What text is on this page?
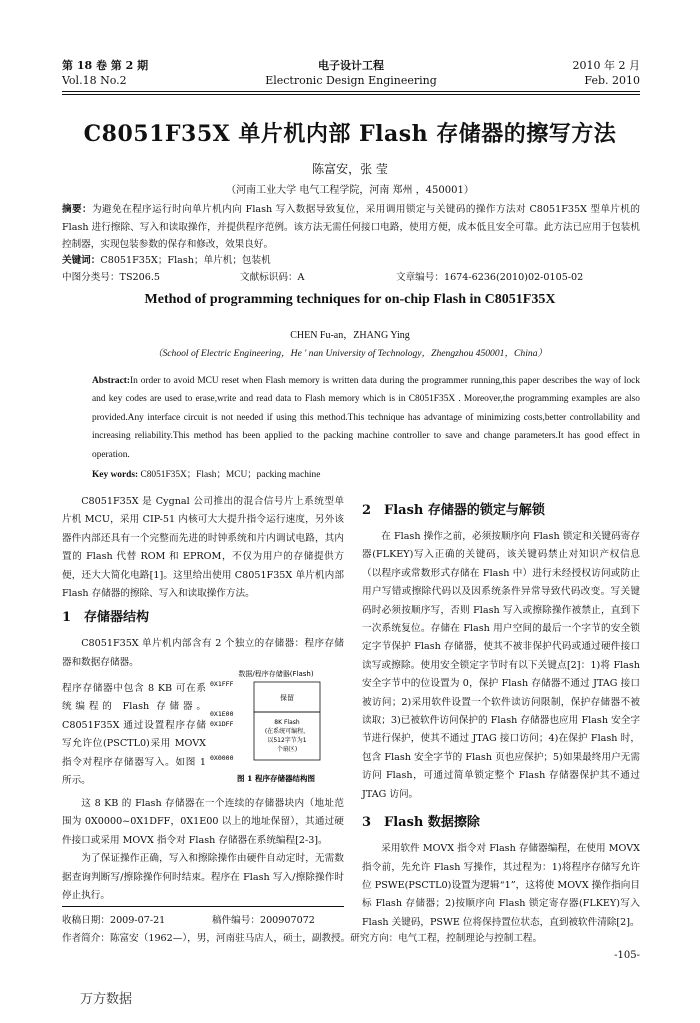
第 18 卷 第 2 期
Vol.18 No.2
电子设计工程
Electronic Design Engineering
2010 年 2 月
Feb. 2010
C8051F35X 单片机内部 Flash 存储器的擦写方法
陈富安，张 莹
（河南工业大学 电气工程学院，河南 郑州 ，450001）
摘要：为避免在程序运行时向单片机内向 Flash 写入数据导致复位，采用调用锁定与关键码的操作方法对 C8051F35X 型单片机的 Flash 进行擦除、写入和读取操作，并提供程序范例。该方法无需任何接口电路，使用方便，成本低且安全可靠。此方法已应用于包装机控制器，实现包装参数的保存和修改，效果良好。
关键词：C8051F35X；Flash；单片机；包装机
中图分类号：TS206.5	文献标识码：A	文章编号：1674-6236(2010)02-0105-02
Method of programming techniques for on-chip Flash in C8051F35X
CHEN Fu-an，ZHANG Ying
（School of Electric Engineering，He ' nan University of Technology，Zhengzhou 450001，China）
Abstract:In order to avoid MCU reset when Flash memory is written data during the programmer running,this paper describes the way of lock and key codes are used to erase,write and read data to Flash memory which is in C8051F35X . Moreover,the programming examples are also provided.Any interface circuit is not needed if using this method.This technique has advantage of minimizing costs,better controllability and increasing reliability.This method has been applied to the packing machine controller to save and change parameters.It has good effect in operation.
Key words: C8051F35X；Flash；MCU；packing machine

C8051F35X 是 Cygnal 公司推出的混合信号片上系统型单片机 MCU，采用 CIP-51 内核可大大提升指令运行速度，另外该器件内部还具有一个完整而先进的时钟系统和片内调试电路，其内置的 Flash 代替 ROM 和 EPROM，不仅为用户的存储提供方便，还大大简化电路[1]。这里给出使用 C8051F35X 单片机内部 Flash 存储器的擦除、写入和读取操作方法。

1 存储器结构

C8051F35X 单片机内部含有 2 个独立的存储器：程序存储器和数据存储器。

程序存储器中包含 8 KB 可在系统编程的 Flash 存储器。C8051F35X 通过设置程序存储写允许位(PSCTL0)采用 MOVX 指令对程序存储器写入。如图 1 所示。
数据/程序存储器(Flash)
0X1FFF
0X1E00
0X1DFF
0X0000
保留
8K Flash
(在系统可编程，
以512字节为1
个扇区)
图 1 程序存储器结构图

这 8 KB 的 Flash 存储器在一个连续的存储器块内（地址范围为 0X0000~0X1DFF，0X1E00 以上的地址保留），其通过硬件接口或采用 MOVX 指令对 Flash 存储器在系统编程[2-3]。

为了保证操作正确，写入和擦除操作由硬件自动定时，无需数据查询判断写/擦除操作何时结束。程序在 Flash 写入/擦除操作时停止执行。

2 Flash 存储器的锁定与解锁

在 Flash 操作之前，必须按顺序向 Flash 锁定和关键码寄存器(FLKEY)写入正确的关键码，该关键码禁止对知识产权信息（以程序或常数形式存储在 Flash 中）进行未经授权访问或防止用户写错或擦除代码以及因系统条件异常导致代码改变。写关键码时必须按顺序写，否则 Flash 写入或擦除操作被禁止，直到下一次系统复位。存储在 Flash 用户空间的最后一个字节的安全锁定字节保护 Flash 存储器，使其不被非保护代码或通过硬件接口读写或擦除。使用安全锁定字节时有以下关键点[2]：1)将 Flash 安全字节中的位设置为 0，保护 Flash 存储器不通过 JTAG 接口被访问；2)采用软件设置一个软件读访问限制，保护存储器不被读取；3)已被软件访问保护的 Flash 存储器也应用 Flash 安全字节进行保护，使其不通过 JTAG 接口访问；4)在保护 Flash 时，包含 Flash 安全字节的 Flash 页也应保护；5)如果最终用户无需访问 Flash，可通过简单锁定整个 Flash 存储器保护其不通过 JTAG 访问。

3 Flash 数据擦除

采用软件 MOVX 指令对 Flash 存储器编程，在使用 MOVX 指令前，先允许 Flash 写操作，其过程为：1)将程序存储写允许位 PSWE(PSCTL0)设置为逻辑“1”，这将使 MOVX 操作指向目标 Flash 存储器；2)按顺序向 Flash 锁定寄存器(FLKEY)写入 Flash 关键码，PSWE 位将保持置位状态，直到被软件清除[2]。

收稿日期：2009-07-21	稿件编号：200907072
作者简介：陈富安（1962—），男，河南驻马店人，硕士，副教授。研究方向：电气工程，控制理论与控制工程。
-105-
万方数据
